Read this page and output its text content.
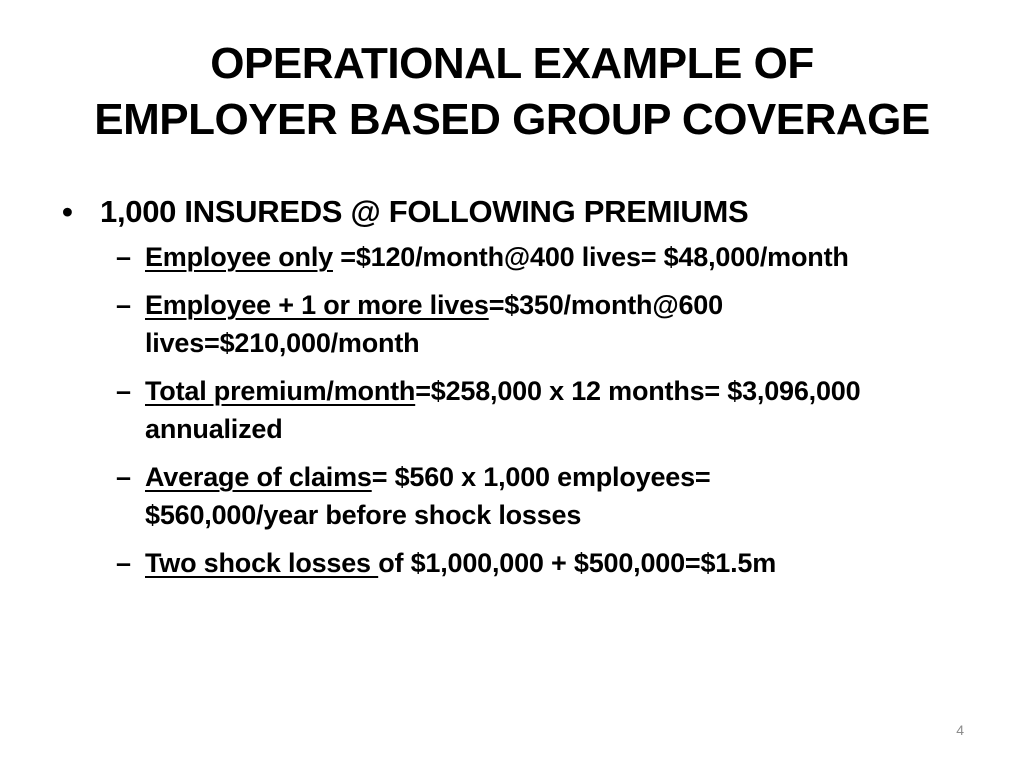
OPERATIONAL EXAMPLE OF
EMPLOYER BASED GROUP COVERAGE
• 1,000 INSUREDS @ FOLLOWING PREMIUMS
– Employee only =$120/month@400 lives= $48,000/month
– Employee + 1 or more lives=$350/month@600 lives=$210,000/month
– Total premium/month=$258,000 x 12 months= $3,096,000 annualized
– Average of claims= $560 x 1,000 employees= $560,000/year before shock losses
– Two shock losses of $1,000,000 + $500,000=$1.5m
4
